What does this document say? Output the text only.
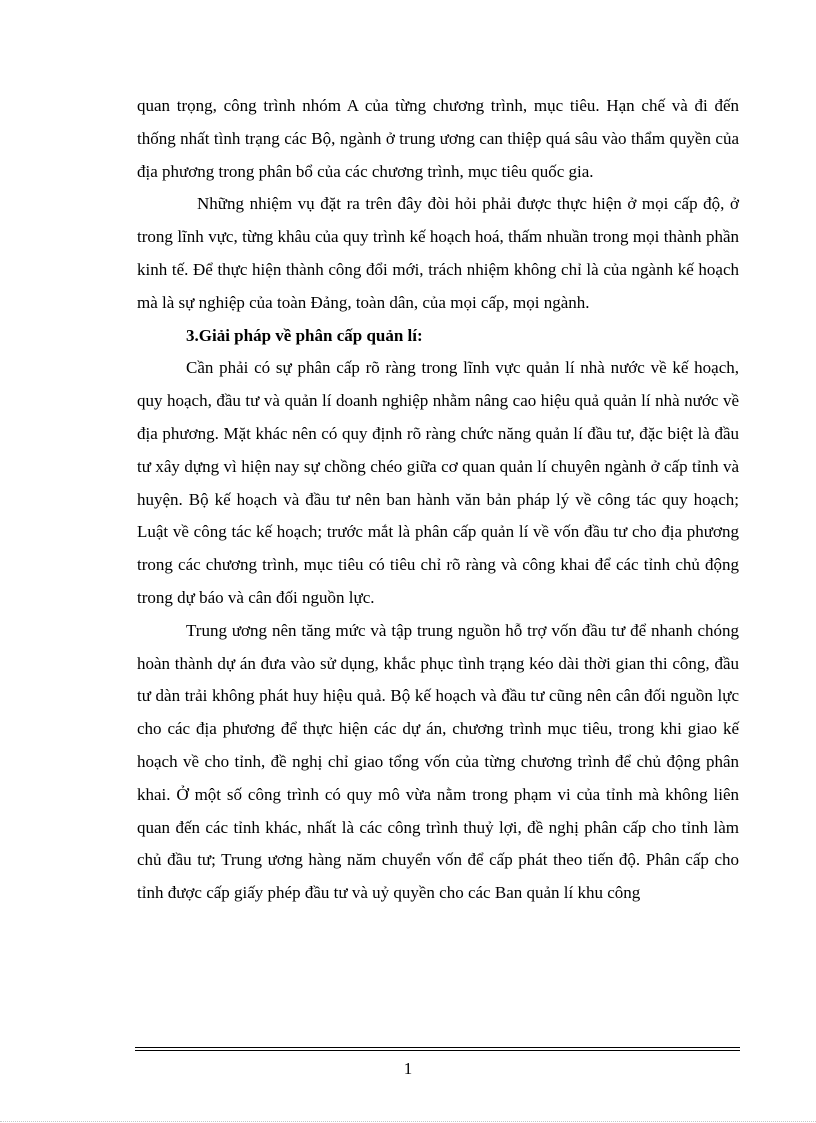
quan trọng, công trình nhóm A của từng chương trình, mục tiêu. Hạn chế và đi đến thống nhất tình trạng các Bộ, ngành ở trung ương can thiệp quá sâu vào thẩm quyền của địa phương trong phân bổ của các chương trình, mục tiêu quốc gia.

Những nhiệm vụ đặt ra trên đây đòi hỏi phải được thực hiện ở mọi cấp độ, ở trong lĩnh vực, từng khâu của quy trình kế hoạch hoá, thấm nhuần trong mọi thành phần kinh tế. Để thực hiện thành công đổi mới, trách nhiệm không chỉ là của ngành kế hoạch mà là sự nghiệp của toàn Đảng, toàn dân, của mọi cấp, mọi ngành.

3.Giải pháp về phân cấp quản lí:

Cần phải có sự phân cấp rõ ràng trong lĩnh vực quản lí nhà nước về kế hoạch, quy hoạch, đầu tư và quản lí doanh nghiệp nhằm nâng cao hiệu quả quản lí nhà nước về địa phương. Mặt khác nên có quy định rõ ràng chức năng quản lí đầu tư, đặc biệt là đầu tư xây dựng vì hiện nay sự chồng chéo giữa cơ quan quản lí chuyên ngành ở cấp tỉnh và huyện. Bộ kế hoạch và đầu tư nên ban hành văn bản pháp lý về công tác quy hoạch; Luật về công tác kế hoạch; trước mắt là phân cấp quản lí về vốn đầu tư cho địa phương trong các chương trình, mục tiêu có tiêu chỉ rõ ràng và công khai để các tỉnh chủ động trong dự báo và cân đối nguồn lực.

Trung ương nên tăng mức và tập trung nguồn hỗ trợ vốn đầu tư để nhanh chóng hoàn thành dự án đưa vào sử dụng, khắc phục tình trạng kéo dài thời gian thi công, đầu tư dàn trải không phát huy hiệu quả. Bộ kế hoạch và đầu tư cũng nên cân đối nguồn lực cho các địa phương để thực hiện các dự án, chương trình mục tiêu, trong khi giao kế hoạch về cho tỉnh, đề nghị chỉ giao tổng vốn của từng chương trình để chủ động phân khai. Ở một số công trình có quy mô vừa nằm trong phạm vi của tỉnh mà không liên quan đến các tỉnh khác, nhất là các công trình thuỷ lợi, đề nghị phân cấp cho tỉnh làm chủ đầu tư; Trung ương hàng năm chuyển vốn để cấp phát theo tiến độ. Phân cấp cho tỉnh được cấp giấy phép đầu tư và uỷ quyền cho các Ban quản lí khu công

1
